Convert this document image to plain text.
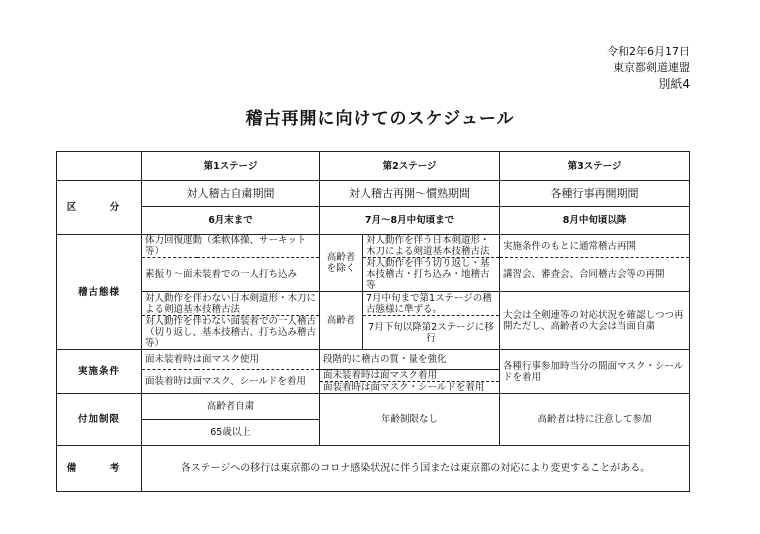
令和2年6月17日
東京都剣道連盟
別紙4
稽古再開に向けてのスケジュール
	第1ステージ	第2ステージ		第3ステージ
区　分	対人稽古自粛期間	対人稽古再開～慣熟期間		各種行事再開期間
	6月末まで	7月～8月中旬頃まで		8月中旬頃以降
稽古態様	体力回復運動（柔軟体操、サーキット等）	高齢者を除く	対人動作を伴う日本剣道形・木刀による剣道基本技稽古法	実施条件のもとに通常稽古再開
	素振り～面未装着での一人打ち込み		対人動作を伴う切り返し・基本技稽古・打ち込み・地稽古等	講習会、審査会、合同稽古会等の再開
	対人動作を伴わない日本剣道形・木刀による剣道基本技稽古法	高齢者	7月中旬まで第1ステージの稽古態様に準ずる。	大会は全剣連等の対応状況を確認しつつ再開ただし、高齢者の大会は当面自粛
	対人動作を伴わない面装着での一人稽古（切り返し、基本技稽古、打ち込み稽古等）		7月下旬以降第2ステージに移行	
実施条件	面未装着時は面マスク使用	段階的に稽古の質・量を強化		各種行事参加時当分の間面マスク・シールドを着用
	面装着時は面マスク、シールドを着用	面未装着時は面マスク着用		
		面装着時は面マスク・シールドを着用		
付加制限	高齢者自粛	年齢制限なし		高齢者は特に注意して参加
	65歳以上			
備　考	各ステージへの移行は東京都のコロナ感染状況に伴う国または東京都の対応により変更することがある。			
